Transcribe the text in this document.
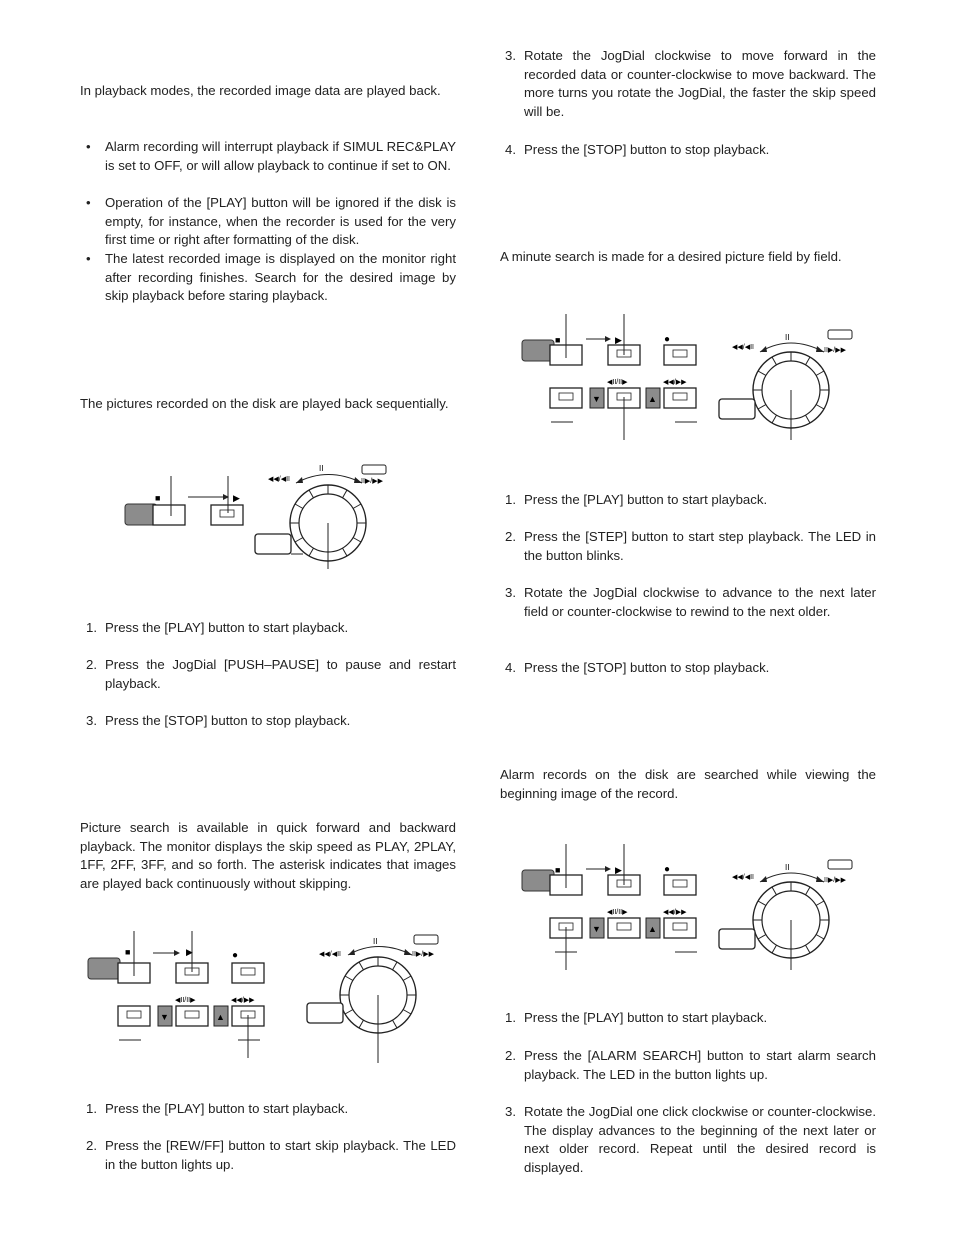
In playback modes, the recorded image data are played back.
• Alarm recording will interrupt playback if SIMUL REC&PLAY is set to OFF, or will allow playback to continue if set to ON.
• Operation of the [PLAY] button will be ignored if the disk is empty, for instance, when the recorder is used for the very first time or right after formatting of the disk.
• The latest recorded image is displayed on the monitor right after recording finishes. Search for the desired image by skip playback before staring playback.
The pictures recorded on the disk are played back sequentially.
■	▶
◀◀/◀II
II
II▶/▶▶
1. Press the [PLAY] button to start playback.
2. Press the JogDial [PUSH–PAUSE] to pause and restart playback.
3. Press the [STOP] button to stop playback.
Picture search is available in quick forward and backward playback. The monitor displays the skip speed as PLAY, 2PLAY, 1FF, 2FF, 3FF, and so forth. The asterisk indicates that images are played back continuously without skipping.
■	▶	●
▼
◀II/II▶
▲
◀◀/▶▶
◀◀/◀II
II
II▶/▶▶
1. Press the [PLAY] button to start playback.
2. Press the [REW/FF] button to start skip playback. The LED in the button lights up.
3. Rotate the JogDial clockwise to move forward in the recorded data or counter-clockwise to move backward. The more turns you rotate the JogDial, the faster the skip speed will be.
4. Press the [STOP] button to stop playback.
A minute search is made for a desired picture field by field.
■	▶	●
▼
◀II/II▶
▲
◀◀/▶▶
◀◀/◀II
II
II▶/▶▶
1. Press the [PLAY] button to start playback.
2. Press the [STEP] button to start step playback. The LED in the button blinks.
3. Rotate the JogDial clockwise to advance to the next later field or counter-clockwise to rewind to the next older.
4. Press the [STOP] button to stop playback.
Alarm records on the disk are searched while viewing the beginning image of the record.
■	▶	●
▼
◀II/II▶
▲
◀◀/▶▶
◀◀/◀II
II
II▶/▶▶
1. Press the [PLAY] button to start playback.
2. Press the [ALARM SEARCH] button to start alarm search playback. The LED in the button lights up.
3. Rotate the JogDial one click clockwise or counter-clockwise. The display advances to the beginning of the next later or next older record. Repeat until the desired record is displayed.
